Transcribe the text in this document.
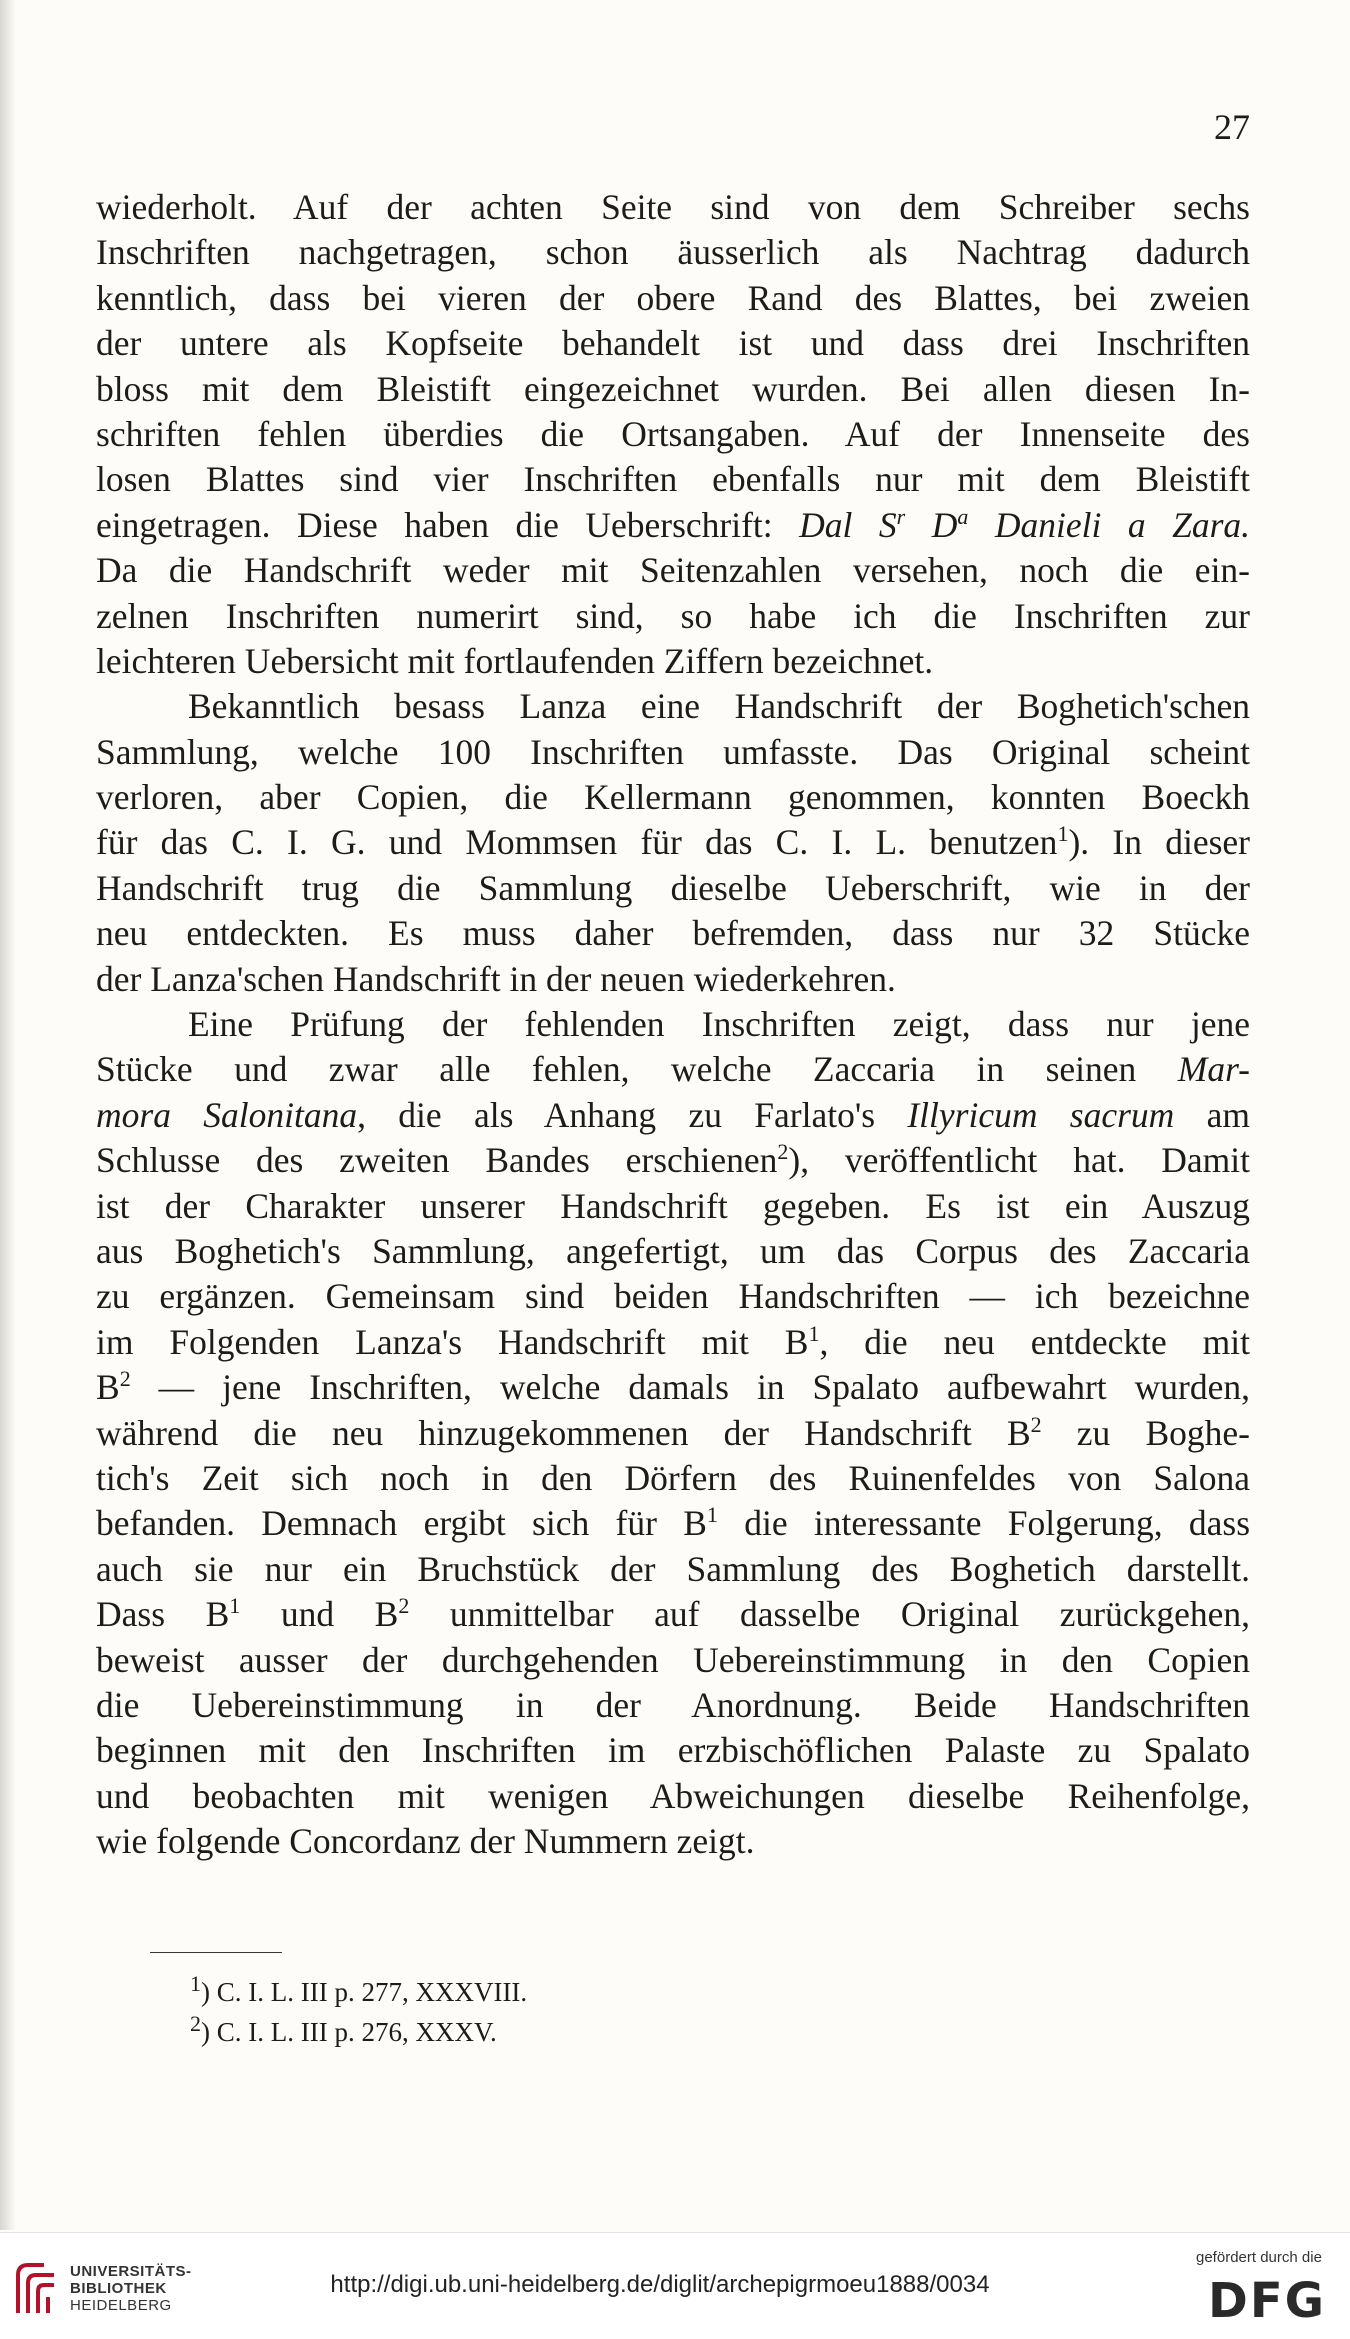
27
wiederholt. Auf der achten Seite sind von dem Schreiber sechs
Inschriften nachgetragen, schon äusserlich als Nachtrag dadurch
kenntlich, dass bei vieren der obere Rand des Blattes, bei zweien
der untere als Kopfseite behandelt ist und dass drei Inschriften
bloss mit dem Bleistift eingezeichnet wurden. Bei allen diesen In-
schriften fehlen überdies die Ortsangaben. Auf der Innenseite des
losen Blattes sind vier Inschriften ebenfalls nur mit dem Bleistift
eingetragen. Diese haben die Ueberschrift: Dal $S^r$ $D^a$ Danieli a Zara.
Da die Handschrift weder mit Seitenzahlen versehen, noch die ein-
zelnen Inschriften numerirt sind, so habe ich die Inschriften zur
leichteren Uebersicht mit fortlaufenden Ziffern bezeichnet.
Bekanntlich besass Lanza eine Handschrift der Boghetich'schen
Sammlung, welche 100 Inschriften umfasste. Das Original scheint
verloren, aber Copien, die Kellermann genommen, konnten Boeckh
für das C. I. G. und Mommsen für das C. I. L. benutzen$^1$). In dieser
Handschrift trug die Sammlung dieselbe Ueberschrift, wie in der
neu entdeckten. Es muss daher befremden, dass nur 32 Stücke
der Lanza'schen Handschrift in der neuen wiederkehren.
Eine Prüfung der fehlenden Inschriften zeigt, dass nur jene
Stücke und zwar alle fehlen, welche Zaccaria in seinen Mar-
mora Salonitana, die als Anhang zu Farlato's Illyricum sacrum am
Schlusse des zweiten Bandes erschienen$^2$), veröffentlicht hat. Damit
ist der Charakter unserer Handschrift gegeben. Es ist ein Auszug
aus Boghetich's Sammlung, angefertigt, um das Corpus des Zaccaria
zu ergänzen. Gemeinsam sind beiden Handschriften — ich bezeichne
im Folgenden Lanza's Handschrift mit $B^1$, die neu entdeckte mit
$B^2$ — jene Inschriften, welche damals in Spalato aufbewahrt wurden,
während die neu hinzugekommenen der Handschrift $B^2$ zu Boghe-
tich's Zeit sich noch in den Dörfern des Ruinenfeldes von Salona
befanden. Demnach ergibt sich für $B^1$ die interessante Folgerung, dass
auch sie nur ein Bruchstück der Sammlung des Boghetich darstellt.
Dass $B^1$ und $B^2$ unmittelbar auf dasselbe Original zurückgehen,
beweist ausser der durchgehenden Uebereinstimmung in den Copien
die Uebereinstimmung in der Anordnung. Beide Handschriften
beginnen mit den Inschriften im erzbischöflichen Palaste zu Spalato
und beobachten mit wenigen Abweichungen dieselbe Reihenfolge,
wie folgende Concordanz der Nummern zeigt.
$^1$) C. I. L. III p. 277, XXXVIII.
$^2$) C. I. L. III p. 276, XXXV.
UNIVERSITÄTS-
BIBLIOTHEK
HEIDELBERG
http://digi.ub.uni-heidelberg.de/diglit/archepigrmoeu1888/0034
gefördert durch die
DFG
